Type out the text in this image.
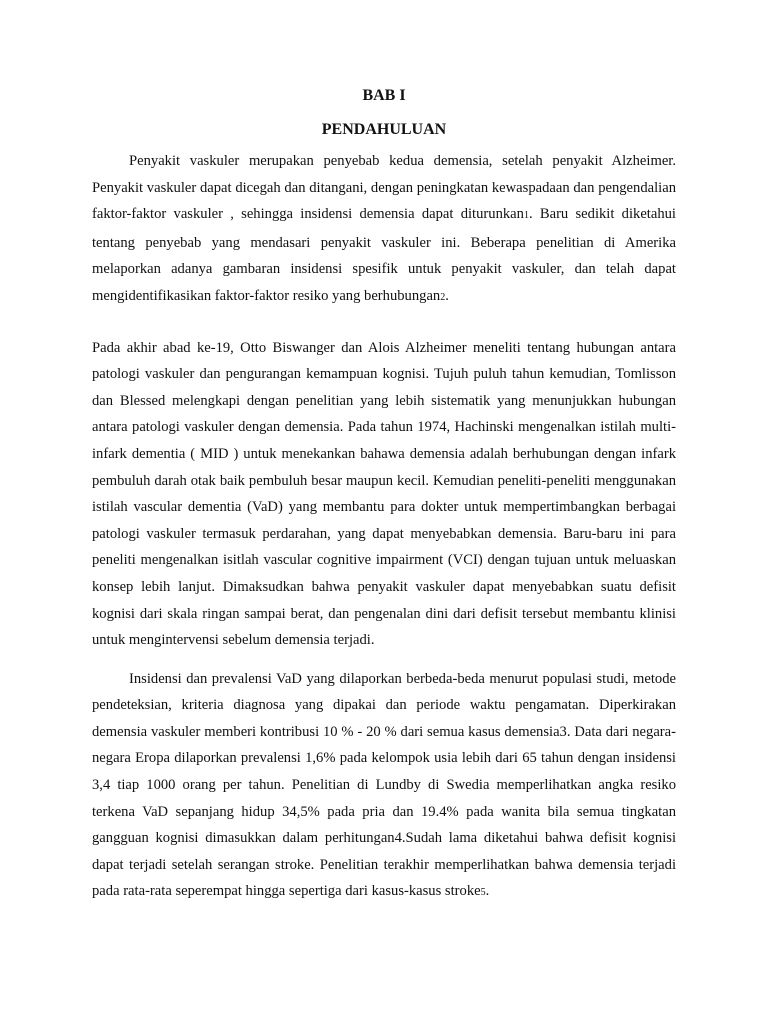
BAB I
PENDAHULUAN

Penyakit vaskuler merupakan penyebab kedua demensia, setelah penyakit Alzheimer. Penyakit vaskuler dapat dicegah dan ditangani, dengan peningkatan kewaspadaan dan pengendalian faktor-faktor vaskuler , sehingga insidensi demensia dapat diturunkan1. Baru sedikit diketahui tentang penyebab yang mendasari penyakit vaskuler ini. Beberapa penelitian di Amerika melaporkan adanya gambaran insidensi spesifik untuk penyakit vaskuler, dan telah dapat mengidentifikasikan faktor-faktor resiko yang berhubungan2.

Pada akhir abad ke-19, Otto Biswanger dan Alois Alzheimer meneliti tentang hubungan antara patologi vaskuler dan pengurangan kemampuan kognisi. Tujuh puluh tahun kemudian, Tomlisson dan Blessed melengkapi dengan penelitian yang lebih sistematik yang menunjukkan hubungan antara patologi vaskuler dengan demensia. Pada tahun 1974, Hachinski mengenalkan istilah multi-infark dementia ( MID ) untuk menekankan bahawa demensia adalah berhubungan dengan infark pembuluh darah otak baik pembuluh besar maupun kecil. Kemudian peneliti-peneliti menggunakan istilah vascular dementia (VaD) yang membantu para dokter untuk mempertimbangkan berbagai patologi vaskuler termasuk perdarahan, yang dapat menyebabkan demensia. Baru-baru ini para peneliti mengenalkan isitlah vascular cognitive impairment (VCI) dengan tujuan untuk meluaskan konsep lebih lanjut. Dimaksudkan bahwa penyakit vaskuler dapat menyebabkan suatu defisit kognisi dari skala ringan sampai berat, dan pengenalan dini dari defisit tersebut membantu klinisi untuk mengintervensi sebelum demensia terjadi.

Insidensi dan prevalensi VaD yang dilaporkan berbeda-beda menurut populasi studi, metode pendeteksian, kriteria diagnosa yang dipakai dan periode waktu pengamatan. Diperkirakan demensia vaskuler memberi kontribusi 10 % - 20 % dari semua kasus demensia3. Data dari negara-negara Eropa dilaporkan prevalensi 1,6% pada kelompok usia lebih dari 65 tahun dengan insidensi 3,4 tiap 1000 orang per tahun. Penelitian di Lundby di Swedia memperlihatkan angka resiko terkena VaD sepanjang hidup 34,5% pada pria dan 19.4% pada wanita bila semua tingkatan gangguan kognisi dimasukkan dalam perhitungan4.Sudah lama diketahui bahwa defisit kognisi dapat terjadi setelah serangan stroke. Penelitian terakhir memperlihatkan bahwa demensia terjadi pada rata-rata seperempat hingga sepertiga dari kasus-kasus stroke5.
